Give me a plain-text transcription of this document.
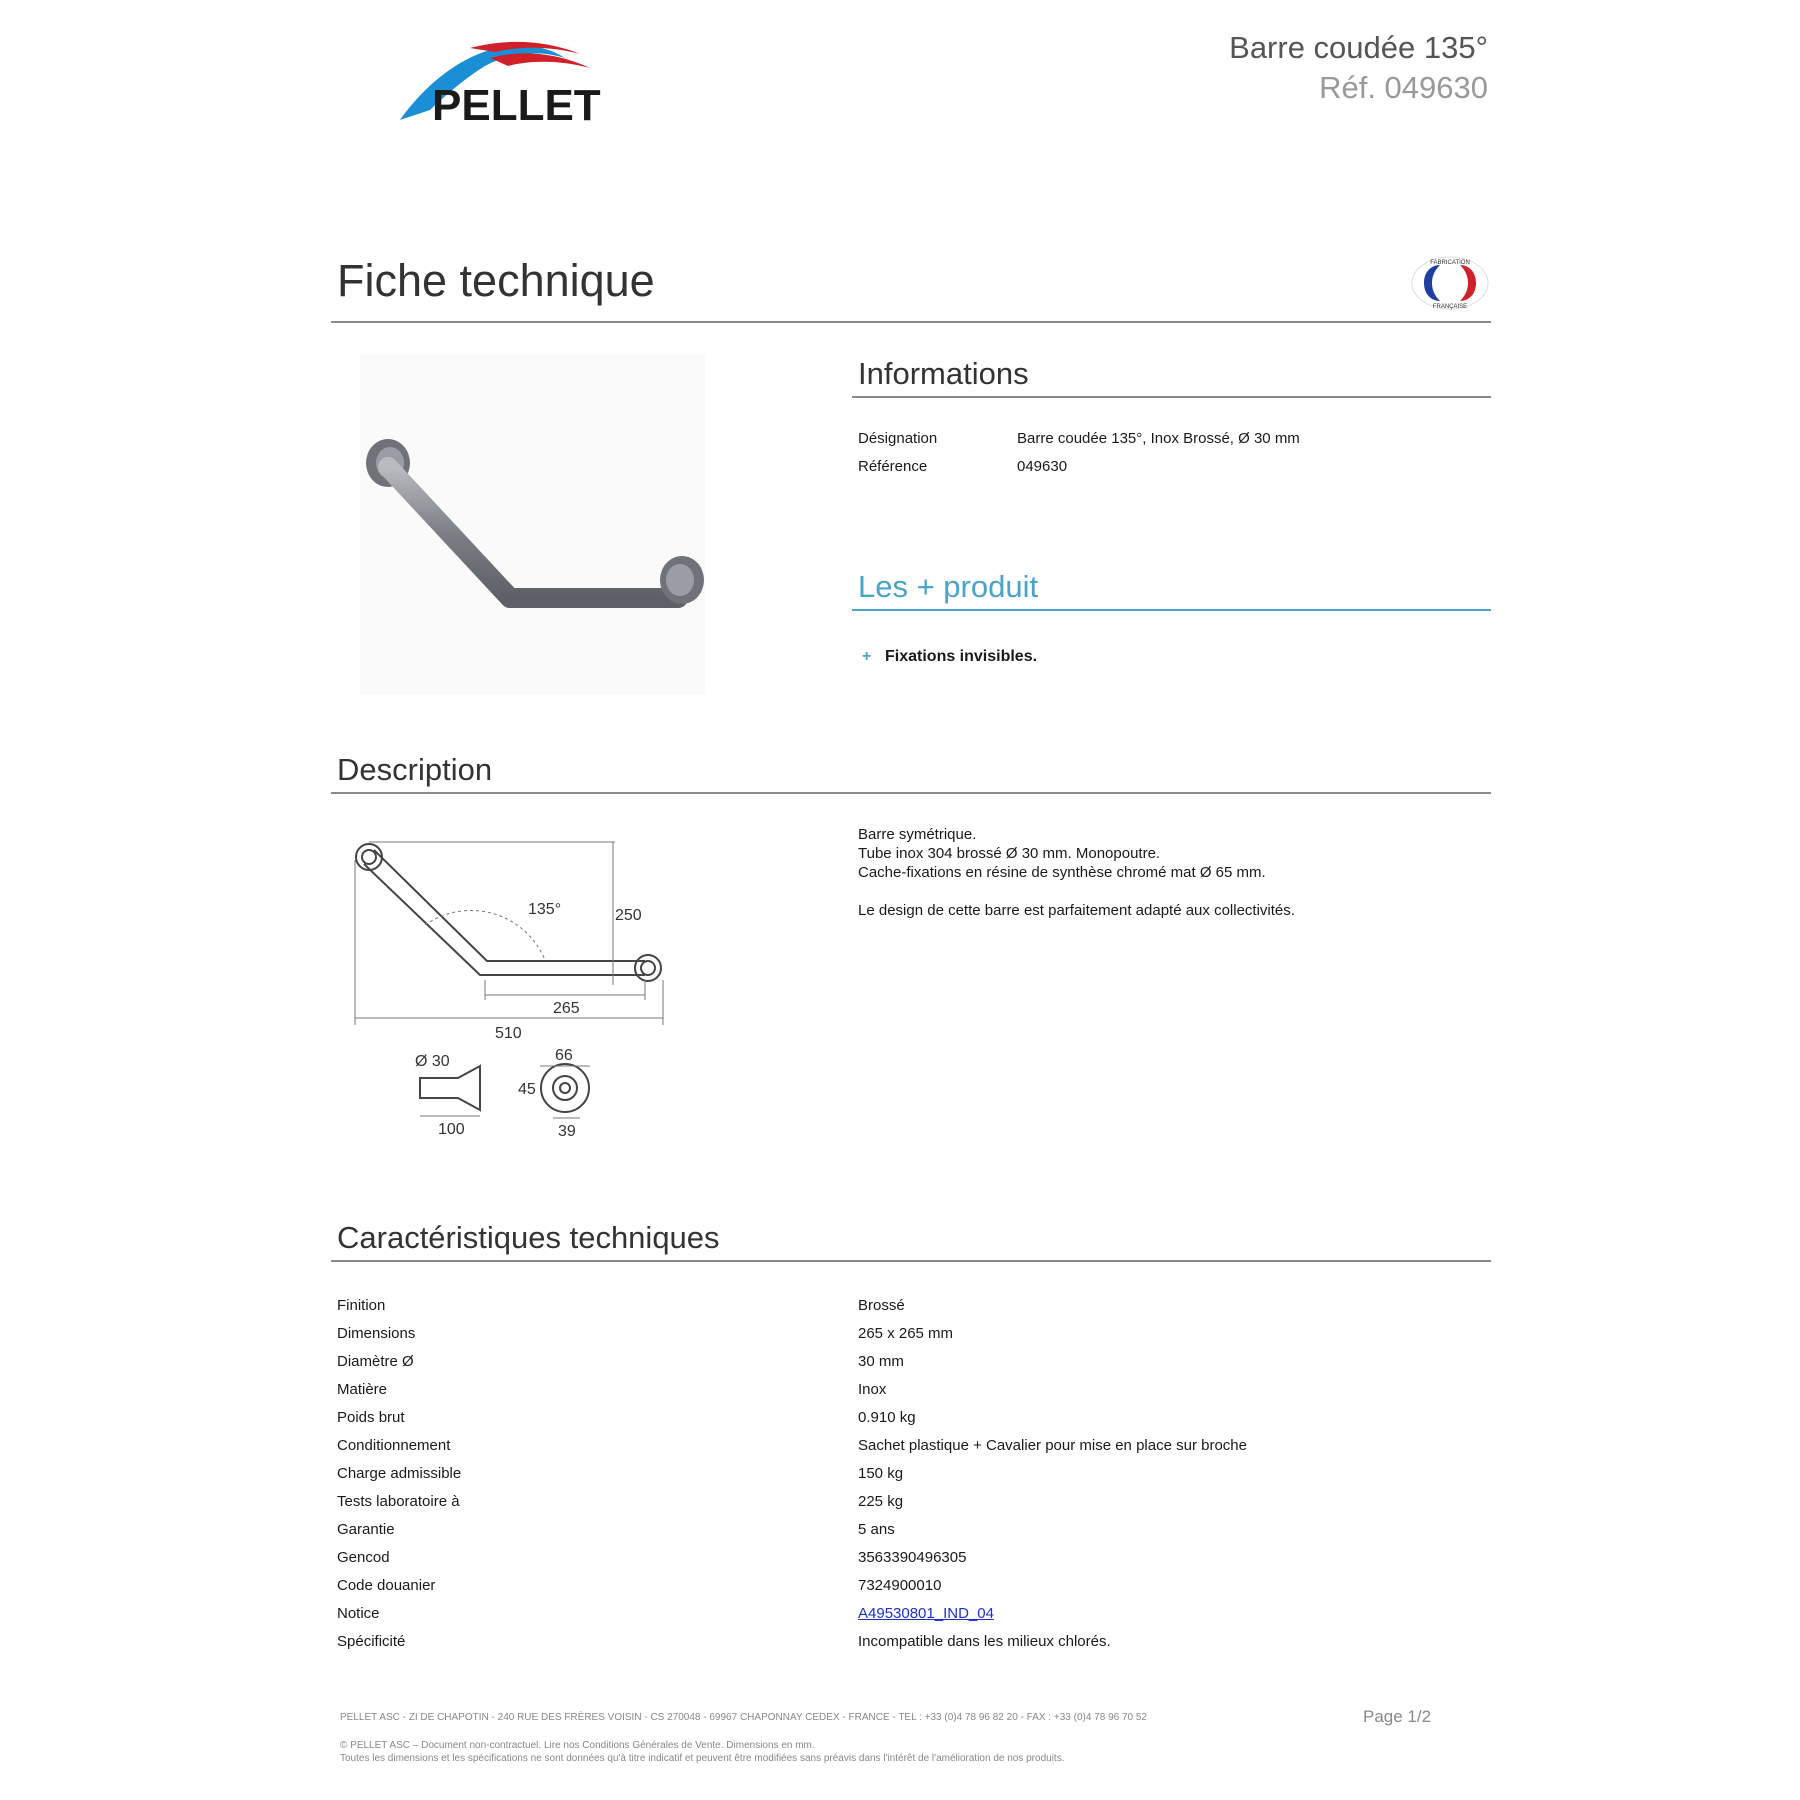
PELLET
Barre coudée 135°
Réf. 049630
Fiche technique	FABRICATION
FRANÇAISE
Informations
Désignation	Barre coudée 135°, Inox Brossé, Ø 30 mm
Référence	049630
Les + produit
+ Fixations invisibles.
Description
135°	250
265
510
Ø 30
100
66
45
39

Barre symétrique.

Tube inox 304 brossé Ø 30 mm. Monopoutre.

Cache-fixations en résine de synthèse chromé mat Ø 65 mm.

Le design de cette barre est parfaitement adapté aux collectivités.

Caractéristiques techniques
Finition	Brossé
Dimensions	265 x 265 mm
Diamètre Ø	30 mm
Matière	Inox
Poids brut	0.910 kg
Conditionnement	Sachet plastique + Cavalier pour mise en place sur broche
Charge admissible	150 kg
Tests laboratoire à	225 kg
Garantie	5 ans
Gencod	3563390496305
Code douanier	7324900010
Notice	A49530801_IND_04
Spécificité	Incompatible dans les milieux chlorés.
PELLET ASC - ZI DE CHAPOTIN - 240 RUE DES FRÈRES VOISIN - CS 270048 - 69967 CHAPONNAY CEDEX - FRANCE - TEL : +33 (0)4 78 96 82 20 - FAX : +33 (0)4 78 96 70 52	Page 1/2
© PELLET ASC – Document non-contractuel. Lire nos Conditions Générales de Vente. Dimensions en mm.
Toutes les dimensions et les spécifications ne sont données qu'à titre indicatif et peuvent être modifiées sans préavis dans l'intérêt de l'amélioration de nos produits.
